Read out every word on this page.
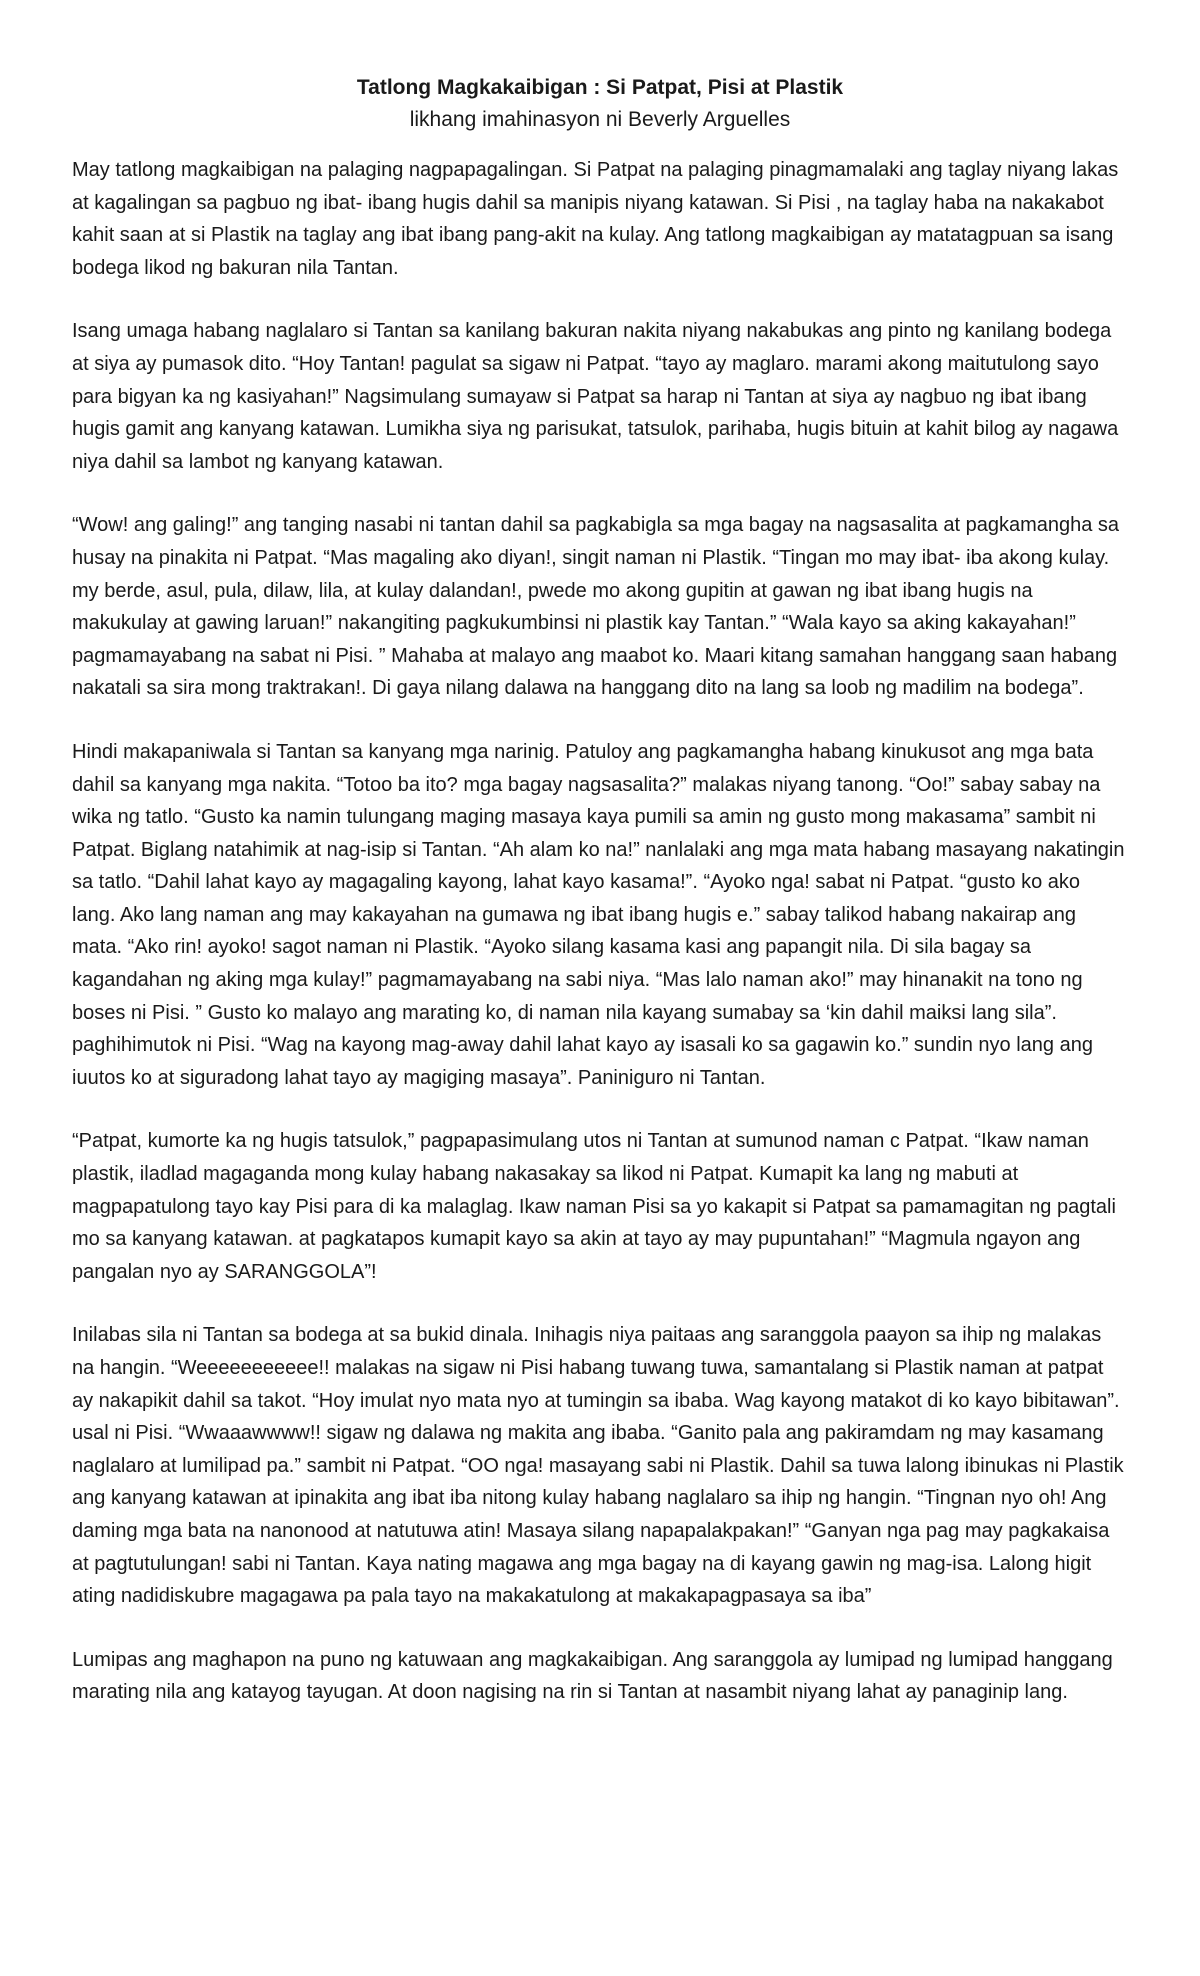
Tatlong Magkakaibigan : Si Patpat, Pisi at Plastik
likhang imahinasyon ni Beverly Arguelles

May tatlong magkaibigan na palaging nagpapagalingan. Si Patpat na palaging pinagmamalaki ang taglay niyang lakas at kagalingan sa pagbuo ng ibat- ibang hugis dahil sa manipis niyang katawan. Si Pisi , na taglay haba na nakakabot kahit saan at si Plastik na taglay ang ibat ibang pang-akit na kulay. Ang tatlong magkaibigan ay matatagpuan sa isang bodega likod ng bakuran nila Tantan.

Isang umaga habang naglalaro si Tantan sa kanilang bakuran nakita niyang nakabukas ang pinto ng kanilang bodega at siya ay pumasok dito. “Hoy Tantan! pagulat sa sigaw ni Patpat. “tayo ay maglaro. marami akong maitutulong sayo para bigyan ka ng kasiyahan!” Nagsimulang sumayaw si Patpat sa harap ni Tantan at siya ay nagbuo ng ibat ibang hugis gamit ang kanyang katawan. Lumikha siya ng parisukat, tatsulok, parihaba, hugis bituin at kahit bilog ay nagawa niya dahil sa lambot ng kanyang katawan.

“Wow! ang galing!” ang tanging nasabi ni tantan dahil sa pagkabigla sa mga bagay na nagsasalita at pagkamangha sa husay na pinakita ni Patpat. “Mas magaling ako diyan!, singit naman ni Plastik. “Tingan mo may ibat- iba akong kulay. my berde, asul, pula, dilaw, lila, at kulay dalandan!, pwede mo akong gupitin at gawan ng ibat ibang hugis na makukulay at gawing laruan!” nakangiting pagkukumbinsi ni plastik kay Tantan.” “Wala kayo sa aking kakayahan!” pagmamayabang na sabat ni Pisi. ” Mahaba at malayo ang maabot ko. Maari kitang samahan hanggang saan habang nakatali sa sira mong traktrakan!. Di gaya nilang dalawa na hanggang dito na lang sa loob ng madilim na bodega”.

Hindi makapaniwala si Tantan sa kanyang mga narinig. Patuloy ang pagkamangha habang kinukusot ang mga bata dahil sa kanyang mga nakita. “Totoo ba ito? mga bagay nagsasalita?” malakas niyang tanong. “Oo!” sabay sabay na wika ng tatlo. “Gusto ka namin tulungang maging masaya kaya pumili sa amin ng gusto mong makasama” sambit ni Patpat. Biglang natahimik at nag-isip si Tantan. “Ah alam ko na!” nanlalaki ang mga mata habang masayang nakatingin sa tatlo. “Dahil lahat kayo ay magagaling kayong, lahat kayo kasama!”. “Ayoko nga! sabat ni Patpat. “gusto ko ako lang. Ako lang naman ang may kakayahan na gumawa ng ibat ibang hugis e.” sabay talikod habang nakairap ang mata. “Ako rin! ayoko! sagot naman ni Plastik. “Ayoko silang kasama kasi ang papangit nila. Di sila bagay sa kagandahan ng aking mga kulay!” pagmamayabang na sabi niya. “Mas lalo naman ako!” may hinanakit na tono ng boses ni Pisi. ” Gusto ko malayo ang marating ko, di naman nila kayang sumabay sa ‘kin dahil maiksi lang sila”. paghihimutok ni Pisi. “Wag na kayong mag-away dahil lahat kayo ay isasali ko sa gagawin ko.” sundin nyo lang ang iuutos ko at siguradong lahat tayo ay magiging masaya”. Paniniguro ni Tantan.

“Patpat, kumorte ka ng hugis tatsulok,” pagpapasimulang utos ni Tantan at sumunod naman c Patpat. “Ikaw naman plastik, iladlad magaganda mong kulay habang nakasakay sa likod ni Patpat. Kumapit ka lang ng mabuti at magpapatulong tayo kay Pisi para di ka malaglag. Ikaw naman Pisi sa yo kakapit si Patpat sa pamamagitan ng pagtali mo sa kanyang katawan. at pagkatapos kumapit kayo sa akin at tayo ay may pupuntahan!” “Magmula ngayon ang pangalan nyo ay SARANGGOLA”!

Inilabas sila ni Tantan sa bodega at sa bukid dinala. Inihagis niya paitaas ang saranggola paayon sa ihip ng malakas na hangin. “Weeeeeeeeeee!! malakas na sigaw ni Pisi habang tuwang tuwa, samantalang si Plastik naman at patpat ay nakapikit dahil sa takot. “Hoy imulat nyo mata nyo at tumingin sa ibaba. Wag kayong matakot di ko kayo bibitawan”. usal ni Pisi. “Wwaaawwww!! sigaw ng dalawa ng makita ang ibaba. “Ganito pala ang pakiramdam ng may kasamang naglalaro at lumilipad pa.” sambit ni Patpat. “OO nga! masayang sabi ni Plastik. Dahil sa tuwa lalong ibinukas ni Plastik ang kanyang katawan at ipinakita ang ibat iba nitong kulay habang naglalaro sa ihip ng hangin. “Tingnan nyo oh! Ang daming mga bata na nanonood at natutuwa atin! Masaya silang napapalakpakan!” “Ganyan nga pag may pagkakaisa at pagtutulungan! sabi ni Tantan. Kaya nating magawa ang mga bagay na di kayang gawin ng mag-isa. Lalong higit ating nadidiskubre magagawa pa pala tayo na makakatulong at makakapagpasaya sa iba”

Lumipas ang maghapon na puno ng katuwaan ang magkakaibigan. Ang saranggola ay lumipad ng lumipad hanggang marating nila ang katayog tayugan. At doon nagising na rin si Tantan at nasambit niyang lahat ay panaginip lang.
